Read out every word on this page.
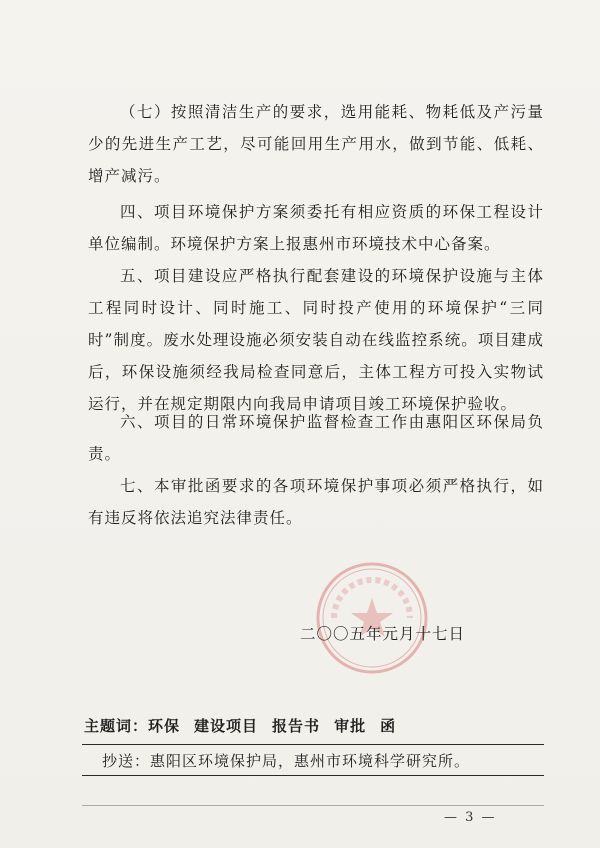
（七）按照清洁生产的要求，选用能耗、物耗低及产污量少的先进生产工艺，尽可能回用生产用水，做到节能、低耗、增产减污。

四、项目环境保护方案须委托有相应资质的环保工程设计单位编制。环境保护方案上报惠州市环境技术中心备案。

五、项目建设应严格执行配套建设的环境保护设施与主体工程同时设计、同时施工、同时投产使用的环境保护“三同时”制度。废水处理设施必须安装自动在线监控系统。项目建成后，环保设施须经我局检查同意后，主体工程方可投入实物试运行，并在规定期限内向我局申请项目竣工环境保护验收。

六、项目的日常环境保护监督检查工作由惠阳区环保局负责。

七、本审批函要求的各项环境保护事项必须严格执行，如有违反将依法追究法律责任。

二〇〇五年元月十七日
主题词：环保 建设项目 报告书 审批 函
抄送：惠阳区环境保护局，惠州市环境科学研究所。
— 3 —
